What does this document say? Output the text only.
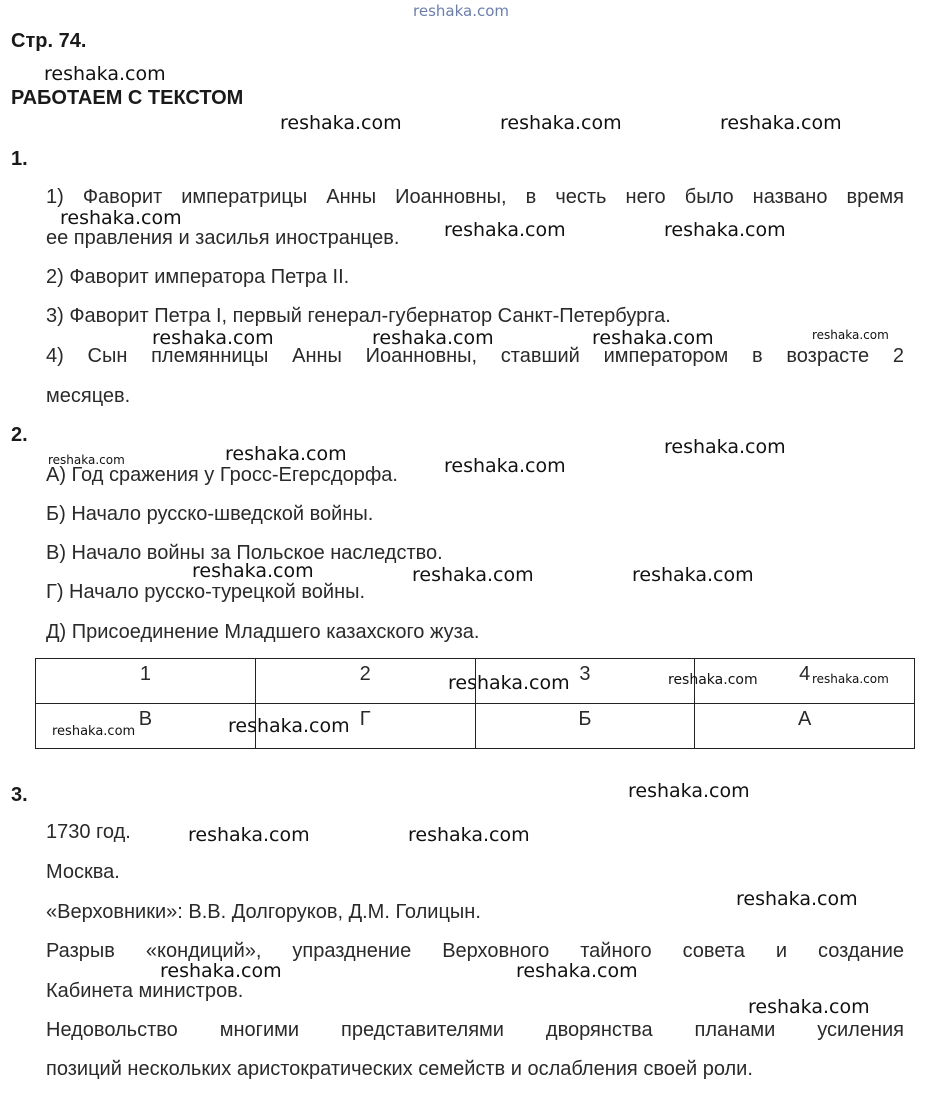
reshaka.com
Стр. 74.
РАБОТАЕМ С ТЕКСТОМ
1.
1) Фаворит императрицы Анны Иоанновны, в честь него было названо время
ее правления и засилья иностранцев.
2) Фаворит императора Петра II.
3) Фаворит Петра I, первый генерал-губернатор Санкт-Петербурга.
4) Сын племянницы Анны Иоанновны, ставший императором в возрасте 2
месяцев.
2.
А) Год сражения у Гросс-Егерсдорфа.
Б) Начало русско-шведской войны.
В) Начало войны за Польское наследство.
Г) Начало русско-турецкой войны.
Д) Присоединение Младшего казахского жуза.
1	2	3	4
В	Г	Б	А
3.
1730 год.
Москва.
«Верховники»: В.В. Долгоруков, Д.М. Голицын.
Разрыв «кондиций», упразднение Верховного тайного совета и создание
Кабинета министров.
Недовольство многими представителями дворянства планами усиления
позиций нескольких аристократических семейств и ослабления своей роли.
reshaka.com
reshaka.com	reshaka.com	reshaka.com
reshaka.com
reshaka.com	reshaka.com
reshaka.com	reshaka.com	reshaka.com	reshaka.com
reshaka.com	reshaka.com	reshaka.com
reshaka.com
reshaka.com	reshaka.com	reshaka.com
reshaka.com	reshaka.com	reshaka.com
reshaka.com	reshaka.com
reshaka.com
reshaka.com	reshaka.com
reshaka.com
reshaka.com	reshaka.com
reshaka.com
